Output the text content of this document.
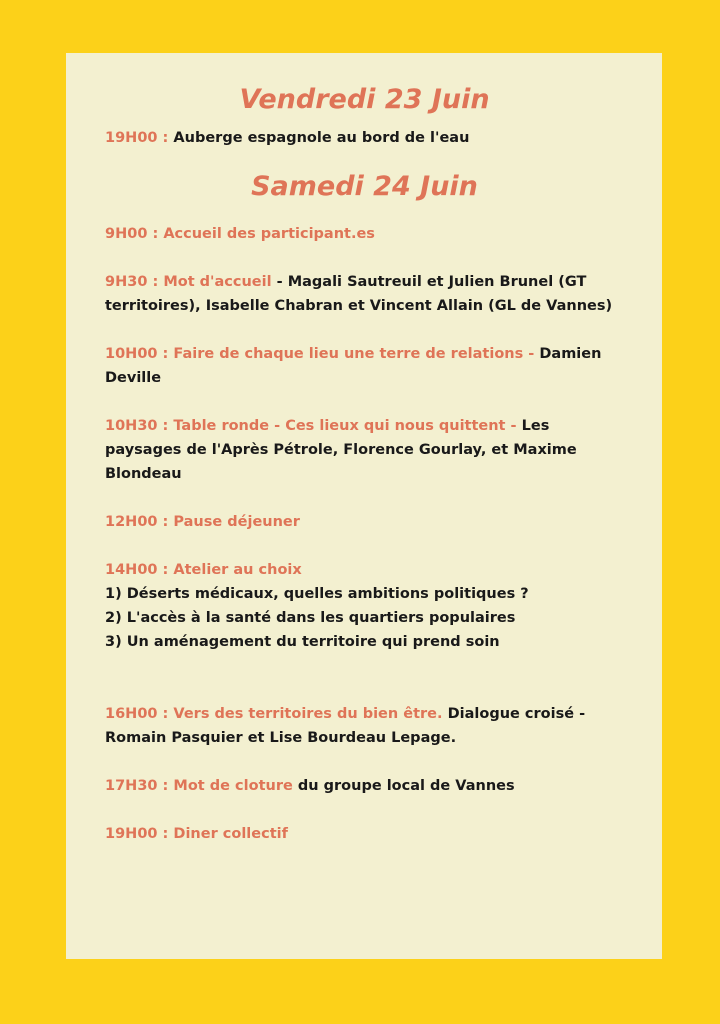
Vendredi 23 Juin
19H00 : Auberge espagnole au bord de l'eau
Samedi 24 Juin
9H00 : Accueil des participant.es
9H30 : Mot d'accueil - Magali Sautreuil et Julien Brunel (GT territoires), Isabelle Chabran et Vincent Allain (GL de Vannes)
10H00 : Faire de chaque lieu une terre de relations - Damien Deville
10H30 : Table ronde - Ces lieux qui nous quittent - Les paysages de l'Après Pétrole, Florence Gourlay, et Maxime Blondeau
12H00 : Pause déjeuner
14H00 : Atelier au choix
1) Déserts médicaux, quelles ambitions politiques ?
2) L'accès à la santé dans les quartiers populaires
3) Un aménagement du territoire qui prend soin
16H00 : Vers des territoires du bien être. Dialogue croisé - Romain Pasquier et Lise Bourdeau Lepage.
17H30 : Mot de cloture du groupe local de Vannes
19H00 : Diner collectif
